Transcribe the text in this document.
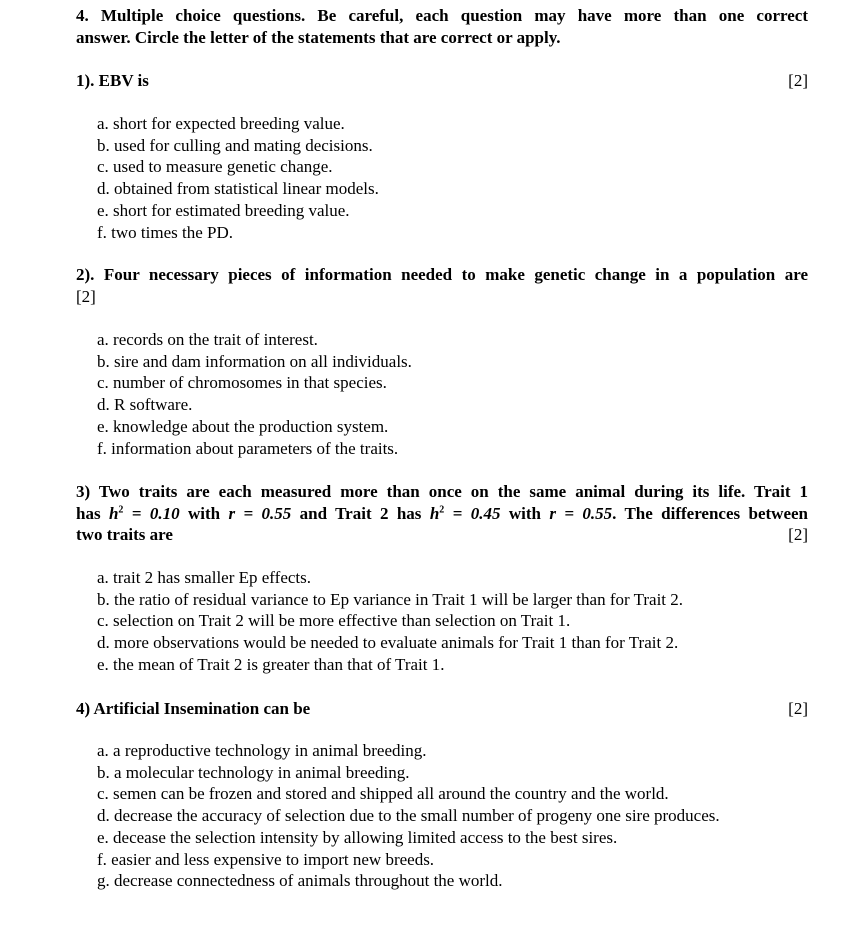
4. Multiple choice questions. Be careful, each question may have more than one correct
answer. Circle the letter of the statements that are correct or apply.
1). EBV is	[2]
a. short for expected breeding value.
b. used for culling and mating decisions.
c. used to measure genetic change.
d. obtained from statistical linear models.
e. short for estimated breeding value.
f. two times the PD.
2). Four necessary pieces of information needed to make genetic change in a population are
[2]
a. records on the trait of interest.
b. sire and dam information on all individuals.
c. number of chromosomes in that species.
d. R software.
e. knowledge about the production system.
f. information about parameters of the traits.
3) Two traits are each measured more than once on the same animal during its life. Trait 1
has $h^2 = 0.10$ with r = 0.55 and Trait 2 has $h^2 = 0.45$ with r = 0.55. The differences between
two traits are	[2]
a. trait 2 has smaller Ep effects.
b. the ratio of residual variance to Ep variance in Trait 1 will be larger than for Trait 2.
c. selection on Trait 2 will be more effective than selection on Trait 1.
d. more observations would be needed to evaluate animals for Trait 1 than for Trait 2.
e. the mean of Trait 2 is greater than that of Trait 1.
4) Artificial Insemination can be	[2]
a. a reproductive technology in animal breeding.
b. a molecular technology in animal breeding.
c. semen can be frozen and stored and shipped all around the country and the world.
d. decrease the accuracy of selection due to the small number of progeny one sire produces.
e. decease the selection intensity by allowing limited access to the best sires.
f. easier and less expensive to import new breeds.
g. decrease connectedness of animals throughout the world.
